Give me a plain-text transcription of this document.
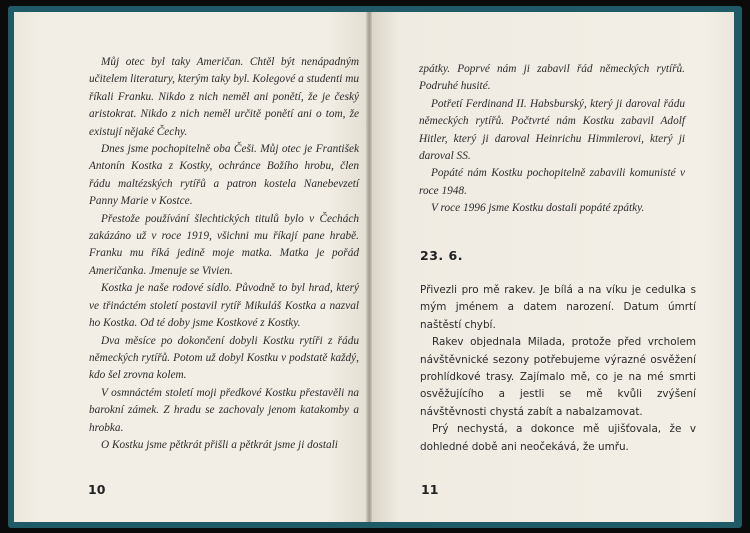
Můj otec byl taky Američan. Chtěl být nenápadným učitelem literatury, kterým taky byl. Kolegové a studenti mu říkali Franku. Nikdo z nich neměl ani ponětí, že je český aristokrat. Nikdo z nich neměl určitě ponětí ani o tom, že existují nějaké Čechy.

Dnes jsme pochopitelně oba Češi. Můj otec je František Antonín Kostka z Kostky, ochránce Božího hrobu, člen řádu maltézských rytířů a patron kostela Nanebevzetí Panny Marie v Kostce.

Přestože používání šlechtických titulů bylo v Čechách zakázáno už v roce 1919, všichni mu říkají pane hrabě. Franku mu říká jedině moje matka. Matka je pořád Američanka. Jmenuje se Vivien.

Kostka je naše rodové sídlo. Původně to byl hrad, který ve třináctém století postavil rytíř Mikuláš Kostka a nazval ho Kostka. Od té doby jsme Kostkové z Kostky.

Dva měsíce po dokončení dobyli Kostku rytíři z řádu německých rytířů. Potom už dobyl Kostku v podstatě každý, kdo šel zrovna kolem.

V osmnáctém století moji předkové Kostku přestavěli na barokní zámek. Z hradu se zachovaly jenom katakomby a hrobka.

O Kostku jsme pětkrát přišli a pětkrát jsme ji dostali

10

zpátky. Poprvé nám ji zabavil řád německých rytířů. Podruhé husité.

Potřetí Ferdinand II. Habsburský, který ji daroval řádu německých rytířů. Počtvrté nám Kostku zabavil Adolf Hitler, který ji daroval Heinrichu Himmlerovi, který ji daroval SS.

Popáté nám Kostku pochopitelně zabavili komunisté v roce 1948.

V roce 1996 jsme Kostku dostali popáté zpátky.

23. 6.

Přivezli pro mě rakev. Je bílá a na víku je cedulka s mým jménem a datem narození. Datum úmrtí naštěstí chybí.

Rakev objednala Milada, protože před vrcholem návštěvnické sezony potřebujeme výrazné osvěžení prohlídkové trasy. Zajímalo mě, co je na mé smrti osvěžujícího a jestli se mě kvůli zvýšení návštěvnosti chystá zabít a nabalzamovat.

Prý nechystá, a dokonce mě ujišťovala, že v dohledné době ani neočekává, že umřu.

11
